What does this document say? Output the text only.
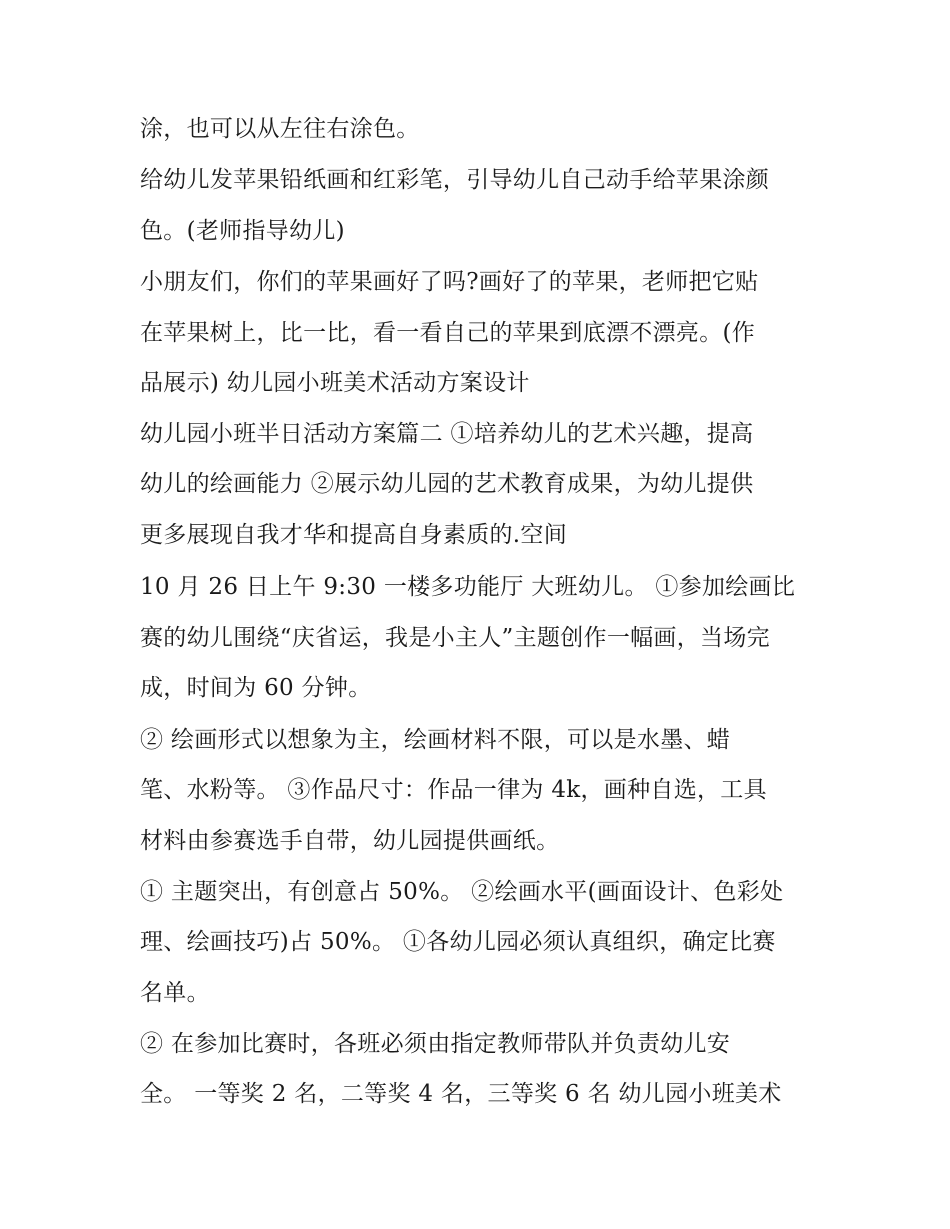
涂，也可以从左往右涂色。
给幼儿发苹果铅纸画和红彩笔，引导幼儿自己动手给苹果涂颜
色。(老师指导幼儿)
小朋友们，你们的苹果画好了吗?画好了的苹果，老师把它贴
在苹果树上，比一比，看一看自己的苹果到底漂不漂亮。(作
品展示) 幼儿园小班美术活动方案设计
幼儿园小班半日活动方案篇二 ①培养幼儿的艺术兴趣，提高
幼儿的绘画能力 ②展示幼儿园的艺术教育成果，为幼儿提供
更多展现自我才华和提高自身素质的.空间
10 月 26 日上午 9:30 一楼多功能厅 大班幼儿。 ①参加绘画比
赛的幼儿围绕“庆省运，我是小主人”主题创作一幅画，当场完
成，时间为 60 分钟。
② 绘画形式以想象为主，绘画材料不限，可以是水墨、蜡
笔、水粉等。 ③作品尺寸：作品一律为 4k，画种自选，工具
材料由参赛选手自带，幼儿园提供画纸。
① 主题突出，有创意占 50%。 ②绘画水平(画面设计、色彩处
理、绘画技巧)占 50%。 ①各幼儿园必须认真组织，确定比赛
名单。
② 在参加比赛时，各班必须由指定教师带队并负责幼儿安
全。 一等奖 2 名，二等奖 4 名，三等奖 6 名 幼儿园小班美术
